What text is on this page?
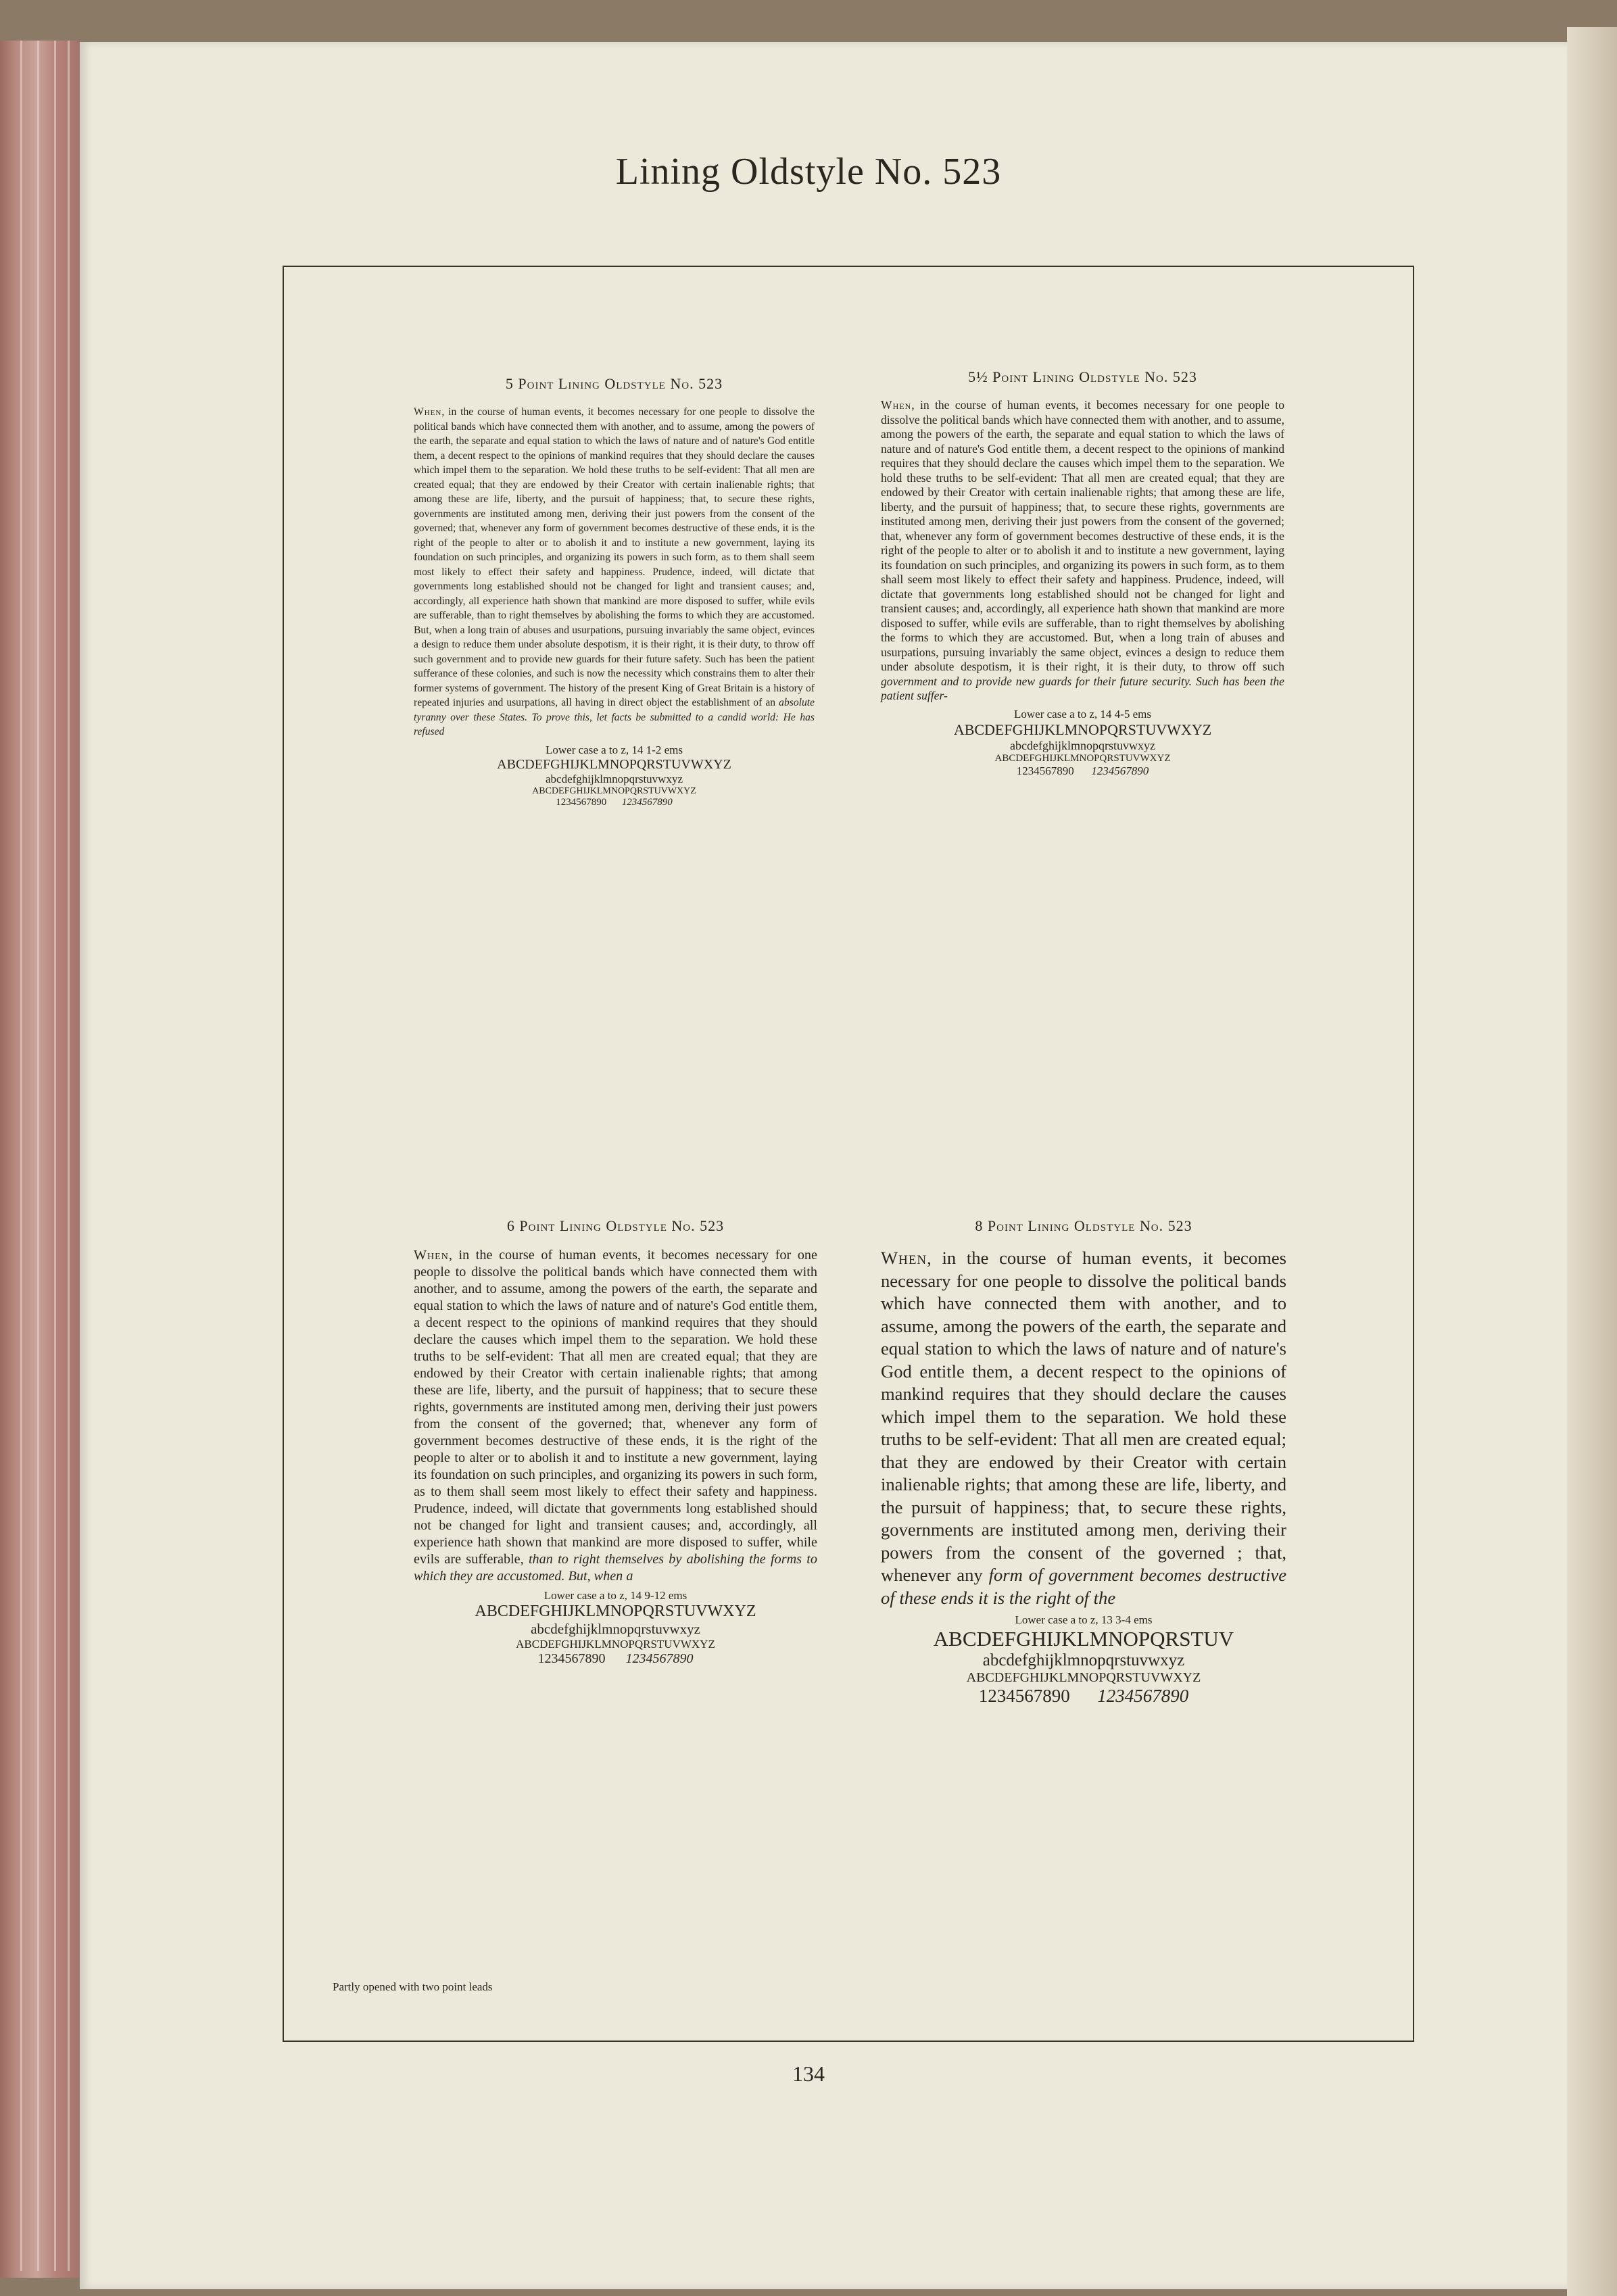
Lining Oldstyle No. 523
5 Point Lining Oldstyle No. 523
When, in the course of human events, it becomes necessary for one people to dissolve the political bands which have connected them with another, and to assume, among the powers of the earth, the separate and equal station to which the laws of nature and of nature's God entitle them, a decent respect to the opinions of mankind requires that they should declare the causes which impel them to the separation. We hold these truths to be self-evident: That all men are created equal; that they are endowed by their Creator with certain inalienable rights; that among these are life, liberty, and the pursuit of happiness; that, to secure these rights, governments are instituted among men, deriving their just powers from the consent of the governed; that, whenever any form of government becomes destructive of these ends, it is the right of the people to alter or to abolish it and to institute a new government, laying its foundation on such principles, and organizing its powers in such form, as to them shall seem most likely to effect their safety and happiness. Prudence, indeed, will dictate that governments long established should not be changed for light and transient causes; and, accordingly, all experience hath shown that mankind are more disposed to suffer, while evils are sufferable, than to right themselves by abolishing the forms to which they are accustomed. But, when a long train of abuses and usurpations, pursuing invariably the same object, evinces a design to reduce them under absolute despotism, it is their right, it is their duty, to throw off such government and to provide new guards for their future safety. Such has been the patient sufferance of these colonies, and such is now the necessity which constrains them to alter their former systems of government. The history of the present King of Great Britain is a history of repeated injuries and usurpations, all having in direct object the establishment of an absolute tyranny over these States. To prove this, let facts be submitted to a candid world: He has refused
Lower case a to z, 14 1-2 ems
ABCDEFGHIJKLMNOPQRSTUVWXYZ
abcdefghijklmnopqrstuvwxyz
ABCDEFGHIJKLMNOPQRSTUVWXYZ
1234567890 1234567890
5½ Point Lining Oldstyle No. 523
When, in the course of human events, it becomes necessary for one people to dissolve the political bands which have connected them with another, and to assume, among the powers of the earth, the separate and equal station to which the laws of nature and of nature's God entitle them, a decent respect to the opinions of mankind requires that they should declare the causes which impel them to the separation. We hold these truths to be self-evident: That all men are created equal; that they are endowed by their Creator with certain inalienable rights; that among these are life, liberty, and the pursuit of happiness; that, to secure these rights, governments are instituted among men, deriving their just powers from the consent of the governed; that, whenever any form of government becomes destructive of these ends, it is the right of the people to alter or to abolish it and to institute a new government, laying its foundation on such principles, and organizing its powers in such form, as to them shall seem most likely to effect their safety and happiness. Prudence, indeed, will dictate that governments long established should not be changed for light and transient causes; and, accordingly, all experience hath shown that mankind are more disposed to suffer, while evils are sufferable, than to right themselves by abolishing the forms to which they are accustomed. But, when a long train of abuses and usurpations, pursuing invariably the same object, evinces a design to reduce them under absolute despotism, it is their right, it is their duty, to throw off such government and to provide new guards for their future security. Such has been the patient suffer-
Lower case a to z, 14 4-5 ems
ABCDEFGHIJKLMNOPQRSTUVWXYZ
abcdefghijklmnopqrstuvwxyz
ABCDEFGHIJKLMNOPQRSTUVWXYZ
1234567890 1234567890
6 Point Lining Oldstyle No. 523
When, in the course of human events, it becomes necessary for one people to dissolve the political bands which have connected them with another, and to assume, among the powers of the earth, the separate and equal station to which the laws of nature and of nature's God entitle them, a decent respect to the opinions of mankind requires that they should declare the causes which impel them to the separation. We hold these truths to be self-evident: That all men are created equal; that they are endowed by their Creator with certain inalienable rights; that among these are life, liberty, and the pursuit of happiness; that to secure these rights, governments are instituted among men, deriving their just powers from the consent of the governed; that, whenever any form of government becomes destructive of these ends, it is the right of the people to alter or to abolish it and to institute a new government, laying its foundation on such principles, and organizing its powers in such form, as to them shall seem most likely to effect their safety and happiness. Prudence, indeed, will dictate that governments long established should not be changed for light and transient causes; and, accordingly, all experience hath shown that mankind are more disposed to suffer, while evils are sufferable, than to right themselves by abolishing the forms to which they are accustomed. But, when a
Lower case a to z, 14 9-12 ems
ABCDEFGHIJKLMNOPQRSTUVWXYZ
abcdefghijklmnopqrstuvwxyz
ABCDEFGHIJKLMNOPQRSTUVWXYZ
1234567890 1234567890
8 Point Lining Oldstyle No. 523
When, in the course of human events, it becomes necessary for one people to dissolve the political bands which have connected them with another, and to assume, among the powers of the earth, the separate and equal station to which the laws of nature and of nature's God entitle them, a decent respect to the opinions of mankind requires that they should declare the causes which impel them to the separation. We hold these truths to be self-evident: That all men are created equal; that they are endowed by their Creator with certain inalienable rights; that among these are life, liberty, and the pursuit of happiness; that, to secure these rights, governments are instituted among men, deriving their powers from the consent of the governed ; that, whenever any form of government becomes destructive of these ends it is the right of the
Lower case a to z, 13 3-4 ems
ABCDEFGHIJKLMNOPQRSTUV
abcdefghijklmnopqrstuvwxyz
ABCDEFGHIJKLMNOPQRSTUVWXYZ
1234567890 1234567890
Partly opened with two point leads
134
